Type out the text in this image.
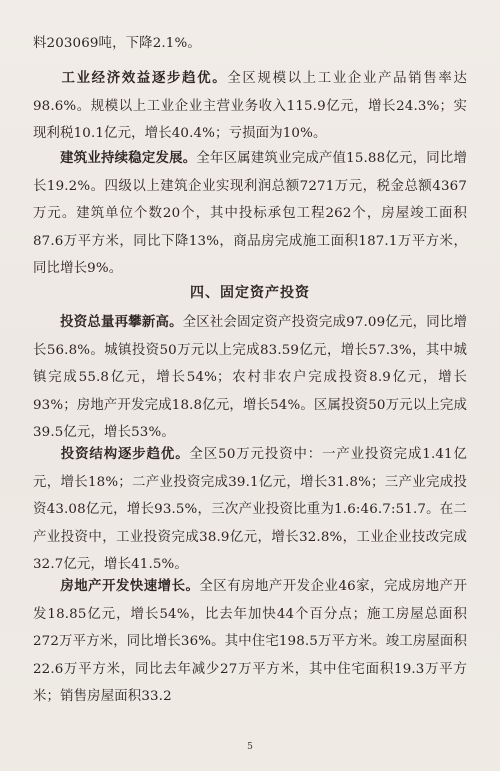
料203069吨，下降2.1%。

工业经济效益逐步趋优。全区规模以上工业企业产品销售率达98.6%。规模以上工业企业主营业务收入115.9亿元，增长24.3%；实现利税10.1亿元，增长40.4%；亏损面为10%。

建筑业持续稳定发展。全年区属建筑业完成产值15.88亿元，同比增长19.2%。四级以上建筑企业实现利润总额7271万元，税金总额4367万元。建筑单位个数20个，其中投标承包工程262个，房屋竣工面积87.6万平方米，同比下降13%，商品房完成施工面积187.1万平方米，同比增长9%。

四、固定资产投资

投资总量再攀新高。全区社会固定资产投资完成97.09亿元，同比增长56.8%。城镇投资50万元以上完成83.59亿元，增长57.3%，其中城镇完成55.8亿元，增长54%；农村非农户完成投资8.9亿元，增长93%；房地产开发完成18.8亿元，增长54%。区属投资50万元以上完成39.5亿元，增长53%。

投资结构逐步趋优。全区50万元投资中：一产业投资完成1.41亿元，增长18%；二产业投资完成39.1亿元，增长31.8%；三产业完成投资43.08亿元，增长93.5%，三次产业投资比重为1.6:46.7:51.7。在二产业投资中，工业投资完成38.9亿元，增长32.8%，工业企业技改完成32.7亿元，增长41.5%。

房地产开发快速增长。全区有房地产开发企业46家，完成房地产开发18.85亿元，增长54%，比去年加快44个百分点；施工房屋总面积272万平方米，同比增长36%。其中住宅198.5万平方米。竣工房屋面积22.6万平方米，同比去年减少27万平方米，其中住宅面积19.3万平方米；销售房屋面积33.2

5
